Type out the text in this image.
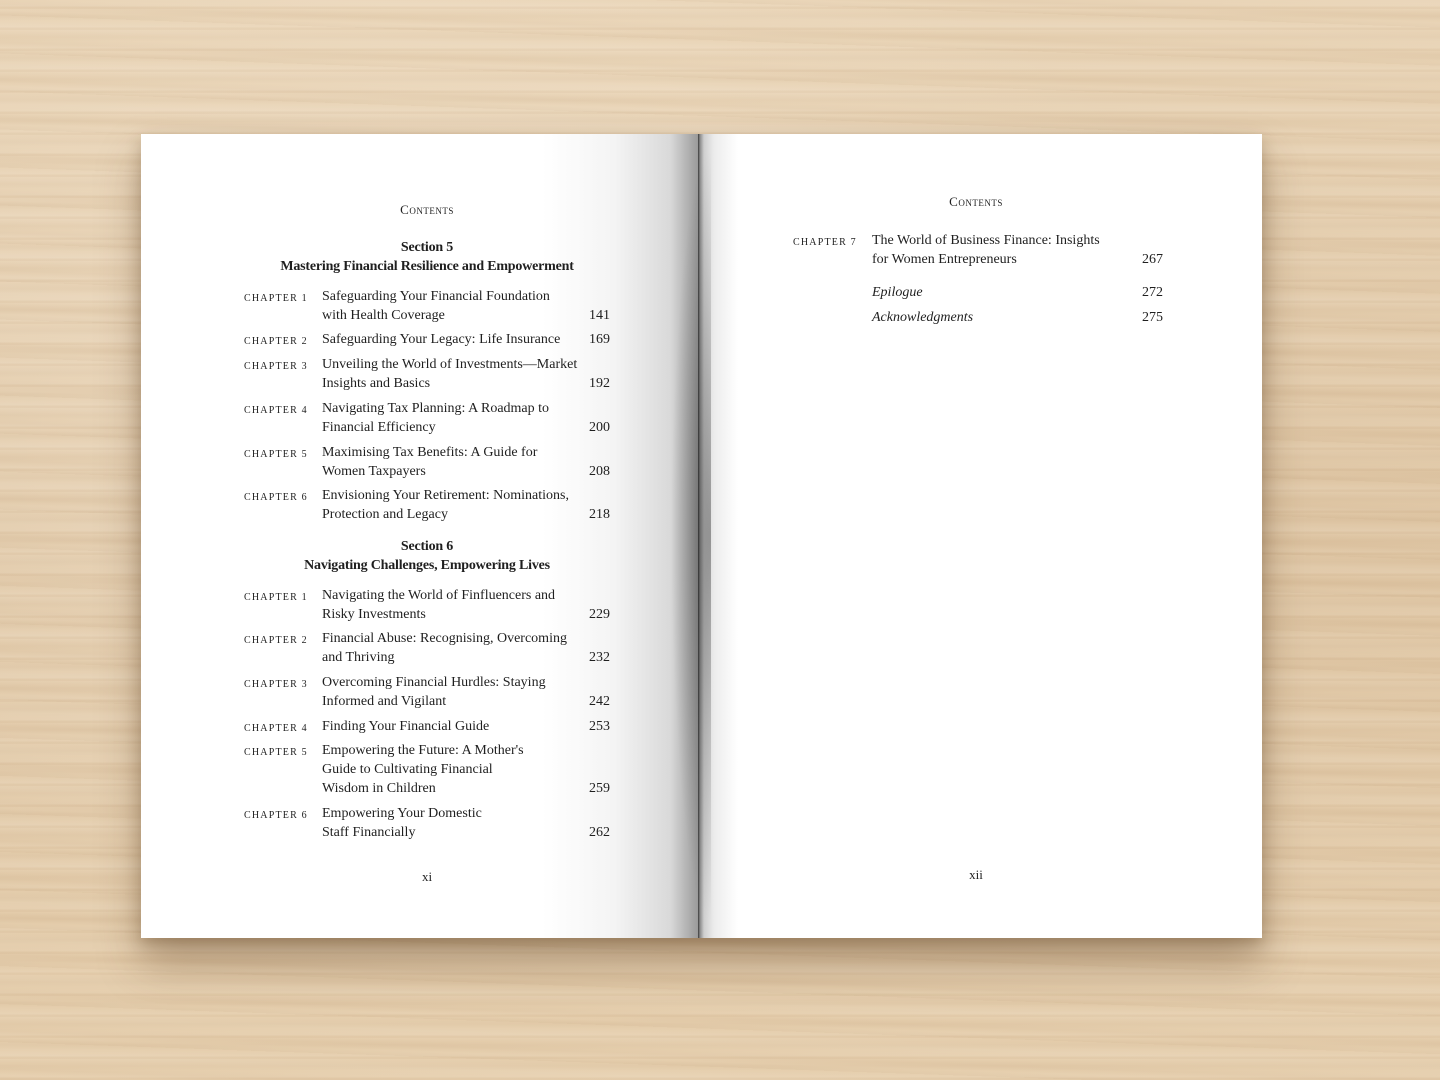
Contents
Section 5
Mastering Financial Resilience and Empowerment
CHAPTER 1 Safeguarding Your Financial Foundation
with Health Coverage	141
CHAPTER 2 Safeguarding Your Legacy: Life Insurance 169
CHAPTER 3 Unveiling the World of Investments—Market
Insights and Basics	192
CHAPTER 4 Navigating Tax Planning: A Roadmap to
Financial Efficiency	200
CHAPTER 5 Maximising Tax Benefits: A Guide for
Women Taxpayers	208
CHAPTER 6 Envisioning Your Retirement: Nominations,
Protection and Legacy	218
Section 6
Navigating Challenges, Empowering Lives
CHAPTER 1 Navigating the World of Finfluencers and
Risky Investments	229
CHAPTER 2 Financial Abuse: Recognising, Overcoming
and Thriving	232
CHAPTER 3 Overcoming Financial Hurdles: Staying
Informed and Vigilant	242
CHAPTER 4 Finding Your Financial Guide	253
CHAPTER 5 Empowering the Future: A Mother's
Guide to Cultivating Financial
Wisdom in Children	259
CHAPTER 6 Empowering Your Domestic
Staff Financially	262
xi
Contents
CHAPTER 7 The World of Business Finance: Insights
for Women Entrepreneurs	267
Epilogue	272
Acknowledgments	275
xii
